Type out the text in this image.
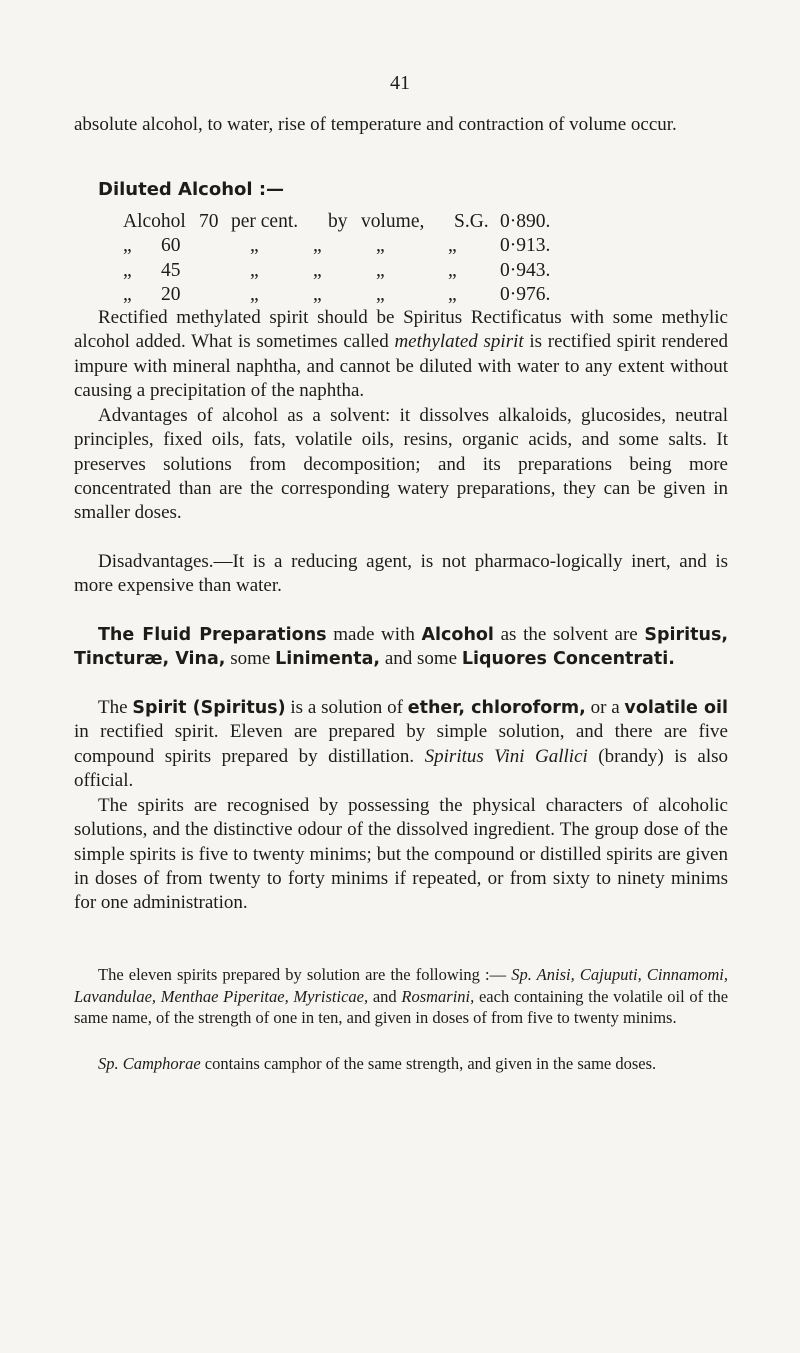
41

absolute alcohol, to water, rise of temperature and contraction of volume occur.

Diluted Alcohol :—
Alcohol 70 per cent. by volume, S.G. 0·890.
„ 60	„	„	„	„ 0·913.
„ 45	„	„	„	„ 0·943.
„ 20	„	„	„	„ 0·976.

Rectified methylated spirit should be Spiritus Rectificatus with some methylic alcohol added. What is sometimes called methylated spirit is rectified spirit rendered impure with mineral naphtha, and cannot be diluted with water to any extent without causing a precipitation of the naphtha.

Advantages of alcohol as a solvent: it dissolves alkaloids, glucosides, neutral principles, fixed oils, fats, volatile oils, resins, organic acids, and some salts. It preserves solutions from decomposition; and its preparations being more concentrated than are the corresponding watery preparations, they can be given in smaller doses.

Disadvantages.—It is a reducing agent, is not pharmaco-logically inert, and is more expensive than water.

The Fluid Preparations made with Alcohol as the solvent are Spiritus, Tincturæ, Vina, some Linimenta, and some Liquores Concentrati.

The Spirit (Spiritus) is a solution of ether, chloroform, or a volatile oil in rectified spirit. Eleven are prepared by simple solution, and there are five compound spirits prepared by distillation. Spiritus Vini Gallici (brandy) is also official.

The spirits are recognised by possessing the physical characters of alcoholic solutions, and the distinctive odour of the dissolved ingredient. The group dose of the simple spirits is five to twenty minims; but the compound or distilled spirits are given in doses of from twenty to forty minims if repeated, or from sixty to ninety minims for one administration.

The eleven spirits prepared by solution are the following :— Sp. Anisi, Cajuputi, Cinnamomi, Lavandulae, Menthae Piperitae, Myristicae, and Rosmarini, each containing the volatile oil of the same name, of the strength of one in ten, and given in doses of from five to twenty minims.

Sp. Camphorae contains camphor of the same strength, and given in the same doses.
